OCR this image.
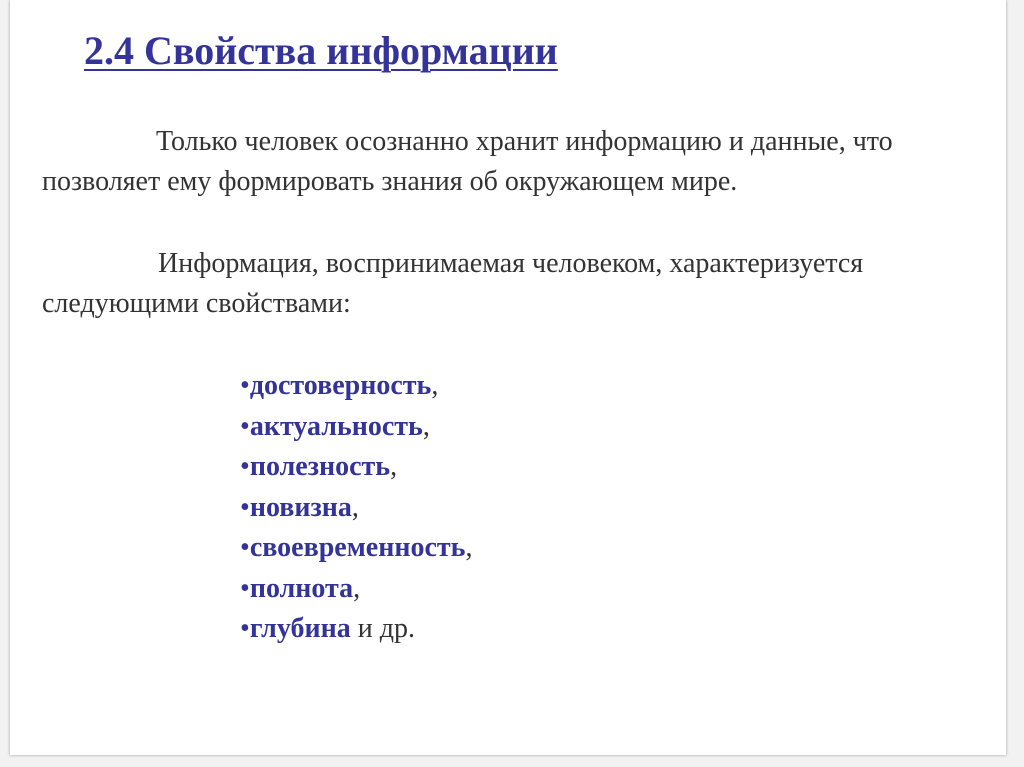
2.4 Свойства информации

Только человек осознанно хранит информацию и данные, что позволяет ему формировать знания об окружающем мире.

Информация, воспринимаемая человеком, характеризуется следующими свойствами:

•достоверность,
•актуальность,
•полезность,
•новизна,
•своевременность,
•полнота,
•глубина и др.
